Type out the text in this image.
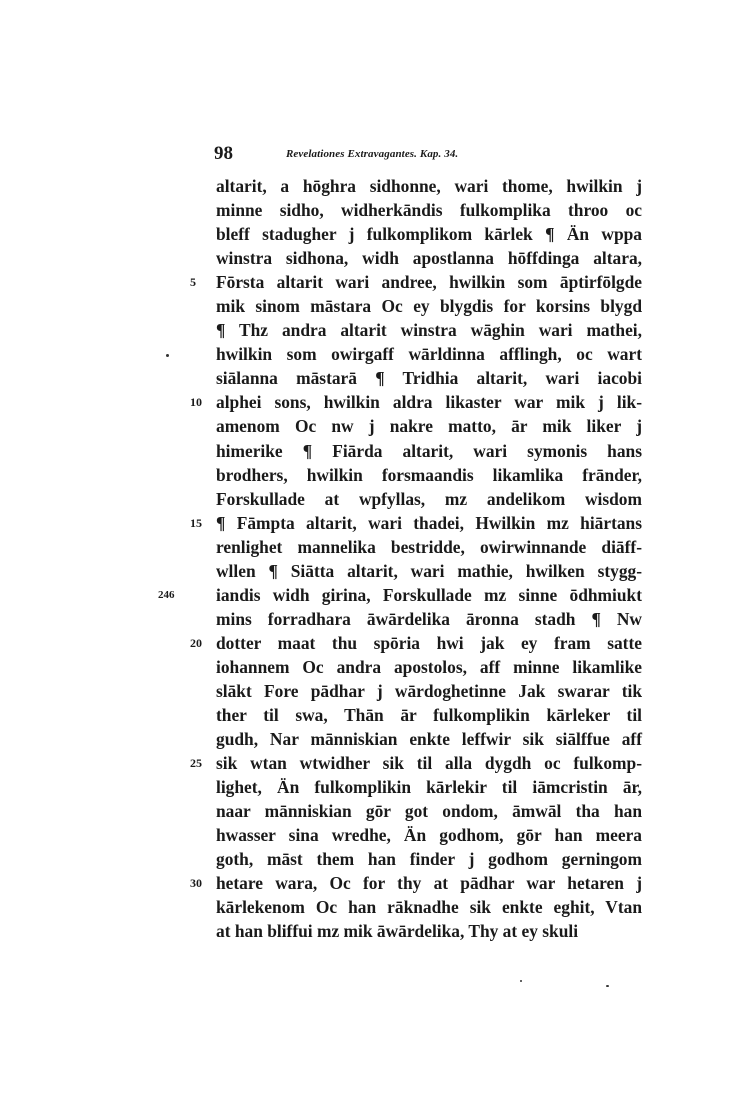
98	Revelationes Extravagantes. Kap. 34.
altarit, a hōghra sidhonne, wari thome, hwilkin j
minne sidho, widherkāndis fulkomplika throo oc
bleff stadugher j fulkomplikom kārlek ¶ Än wppa
winstra sidhona, widh apostlanna hōffdinga altara,
5	Fōrsta altarit wari andree, hwilkin som āptirfōlgde
mik sinom māstara Oc ey blygdis for korsins blygd
¶ Thz andra altarit winstra wāghin wari mathei,
hwilkin som owirgaff wārldinna afflingh, oc wart
siālanna māstarā ¶ Tridhia altarit, wari iacobi
10 alphei sons, hwilkin aldra likaster war mik j lik-
amenom Oc nw j nakre matto, ār mik liker j
himerike ¶ Fiārda altarit, wari symonis hans
brodhers, hwilkin forsmaandis likamlika frānder,
Forskullade at wpfyllas, mz andelikom wisdom
15 ¶ Fāmpta altarit, wari thadei, Hwilkin mz hiārtans
renlighet mannelika bestridde, owirwinnande diāff-
wllen ¶ Siātta altarit, wari mathie, hwilken stygg-
246 iandis widh girina, Forskullade mz sinne ōdhmiukt
mins forradhara āwārdelika āronna stadh ¶ Nw
20 dotter maat thu spōria hwi jak ey fram satte
iohannem Oc andra apostolos, aff minne likamlike
slākt Fore pādhar j wārdoghetinne Jak swarar tik
ther til swa, Thān ār fulkomplikin kārleker til
gudh, Nar mānniskian enkte leffwir sik siālffue aff
25 sik wtan wtwidher sik til alla dygdh oc fulkomp-
lighet, Än fulkomplikin kārlekir til iāmcristin ār,
naar mānniskian gōr got ondom, āmwāl tha han
hwasser sina wredhe, Än godhom, gōr han meera
goth, māst them han finder j godhom gerningom
30 hetare wara, Oc for thy at pādhar war hetaren j
kārlekenom Oc han rāknadhe sik enkte eghit, Vtan
at han bliffui mz mik āwārdelika, Thy at ey skuli
